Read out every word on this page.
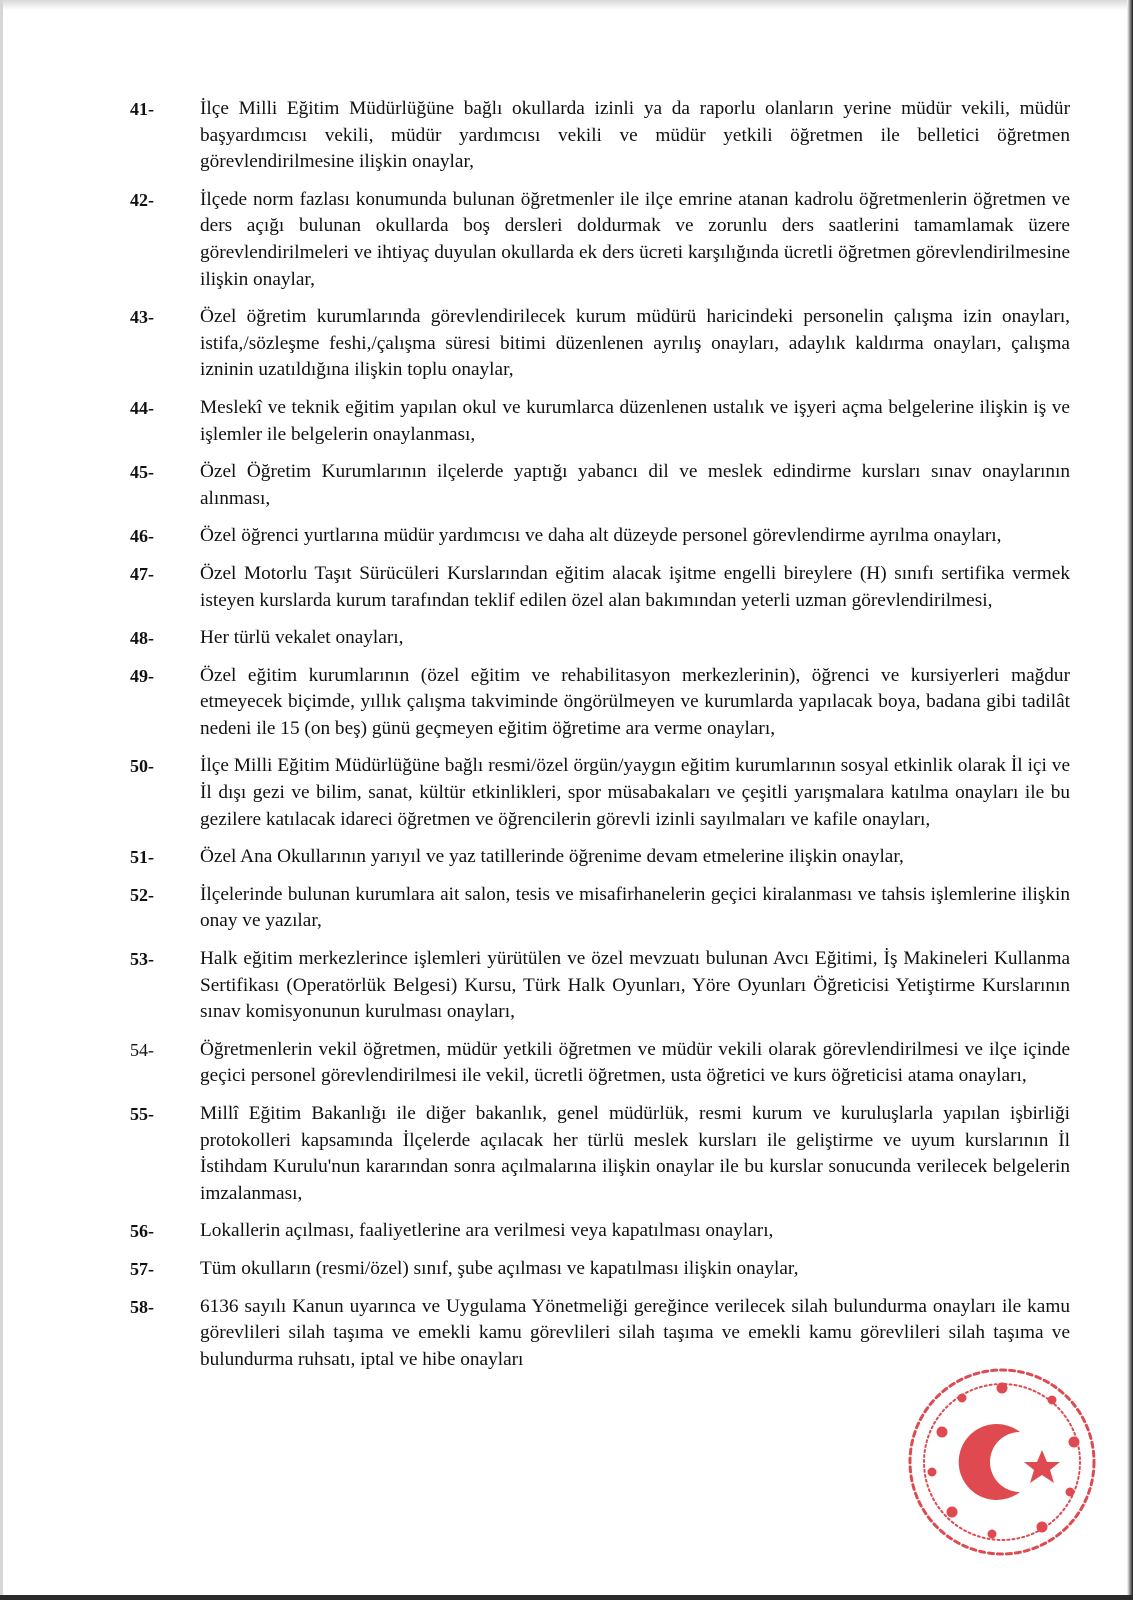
41- İlçe Milli Eğitim Müdürlüğüne bağlı okullarda izinli ya da raporlu olanların yerine müdür vekili, müdür başyardımcısı vekili, müdür yardımcısı vekili ve müdür yetkili öğretmen ile belletici öğretmen görevlendirilmesine ilişkin onaylar,
42- İlçede norm fazlası konumunda bulunan öğretmenler ile ilçe emrine atanan kadrolu öğretmenlerin öğretmen ve ders açığı bulunan okullarda boş dersleri doldurmak ve zorunlu ders saatlerini tamamlamak üzere görevlendirilmeleri ve ihtiyaç duyulan okullarda ek ders ücreti karşılığında ücretli öğretmen görevlendirilmesine ilişkin onaylar,
43- Özel öğretim kurumlarında görevlendirilecek kurum müdürü haricindeki personelin çalışma izin onayları, istifa,/sözleşme feshi,/çalışma süresi bitimi düzenlenen ayrılış onayları, adaylık kaldırma onayları, çalışma izninin uzatıldığına ilişkin toplu onaylar,
44- Meslekî ve teknik eğitim yapılan okul ve kurumlarca düzenlenen ustalık ve işyeri açma belgelerine ilişkin iş ve işlemler ile belgelerin onaylanması,
45- Özel Öğretim Kurumlarının ilçelerde yaptığı yabancı dil ve meslek edindirme kursları sınav onaylarının alınması,
46- Özel öğrenci yurtlarına müdür yardımcısı ve daha alt düzeyde personel görevlendirme ayrılma onayları,
47- Özel Motorlu Taşıt Sürücüleri Kurslarından eğitim alacak işitme engelli bireylere (H) sınıfı sertifika vermek isteyen kurslarda kurum tarafından teklif edilen özel alan bakımından yeterli uzman görevlendirilmesi,
48- Her türlü vekalet onayları,
49- Özel eğitim kurumlarının (özel eğitim ve rehabilitasyon merkezlerinin), öğrenci ve kursiyerleri mağdur etmeyecek biçimde, yıllık çalışma takviminde öngörülmeyen ve kurumlarda yapılacak boya, badana gibi tadilât nedeni ile 15 (on beş) günü geçmeyen eğitim öğretime ara verme onayları,
50- İlçe Milli Eğitim Müdürlüğüne bağlı resmi/özel örgün/yaygın eğitim kurumlarının sosyal etkinlik olarak İl içi ve İl dışı gezi ve bilim, sanat, kültür etkinlikleri, spor müsabakaları ve çeşitli yarışmalara katılma onayları ile bu gezilere katılacak idareci öğretmen ve öğrencilerin görevli izinli sayılmaları ve kafile onayları,
51- Özel Ana Okullarının yarıyıl ve yaz tatillerinde öğrenime devam etmelerine ilişkin onaylar,
52- İlçelerinde bulunan kurumlara ait salon, tesis ve misafirhanelerin geçici kiralanması ve tahsis işlemlerine ilişkin onay ve yazılar,
53- Halk eğitim merkezlerince işlemleri yürütülen ve özel mevzuatı bulunan Avcı Eğitimi, İş Makineleri Kullanma Sertifikası (Operatörlük Belgesi) Kursu, Türk Halk Oyunları, Yöre Oyunları Öğreticisi Yetiştirme Kurslarının sınav komisyonunun kurulması onayları,
54- Öğretmenlerin vekil öğretmen, müdür yetkili öğretmen ve müdür vekili olarak görevlendirilmesi ve ilçe içinde geçici personel görevlendirilmesi ile vekil, ücretli öğretmen, usta öğretici ve kurs öğreticisi atama onayları,
55- Millî Eğitim Bakanlığı ile diğer bakanlık, genel müdürlük, resmi kurum ve kuruluşlarla yapılan işbirliği protokolleri kapsamında İlçelerde açılacak her türlü meslek kursları ile geliştirme ve uyum kurslarının İl İstihdam Kurulu'nun kararından sonra açılmalarına ilişkin onaylar ile bu kurslar sonucunda verilecek belgelerin imzalanması,
56- Lokallerin açılması, faaliyetlerine ara verilmesi veya kapatılması onayları,
57- Tüm okulların (resmi/özel) sınıf, şube açılması ve kapatılması ilişkin onaylar,
58- 6136 sayılı Kanun uyarınca ve Uygulama Yönetmeliği gereğince verilecek silah bulundurma onayları ile kamu görevlileri silah taşıma ve emekli kamu görevlileri silah taşıma ve emekli kamu görevlileri silah taşıma ve bulundurma ruhsatı, iptal ve hibe onayları
